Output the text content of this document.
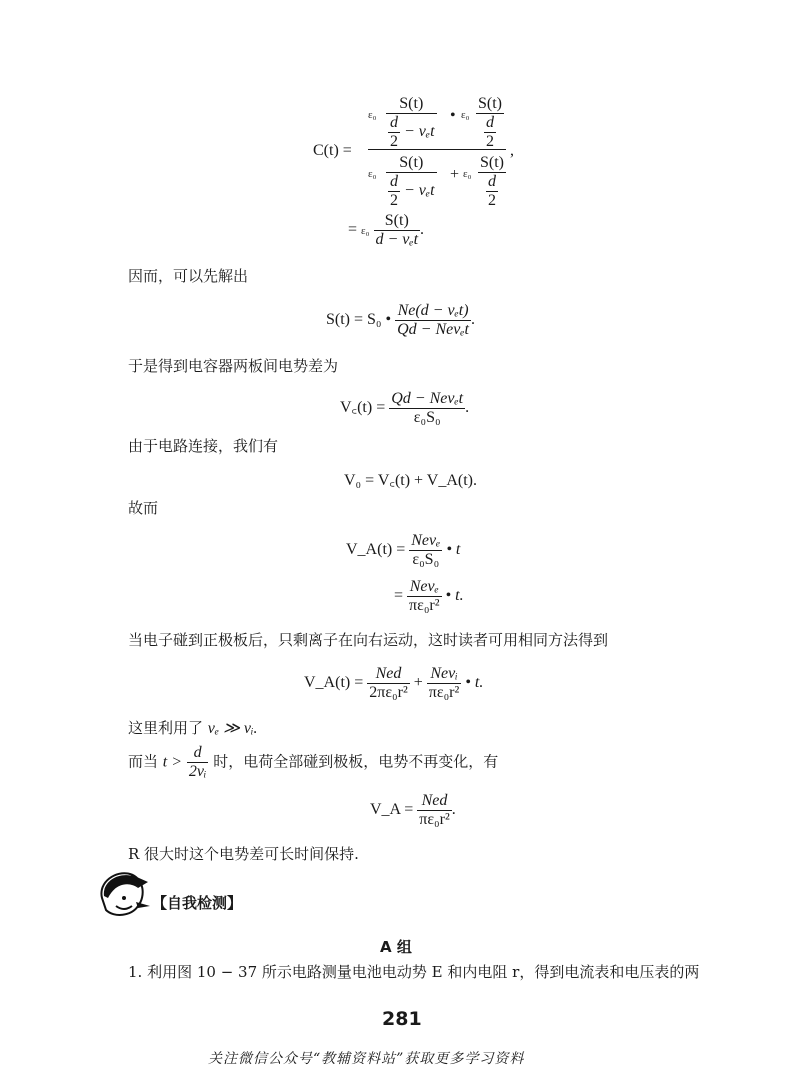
C(t) =
ε₀
S(t)
$\frac{d}{2} - v_et$
• $\varepsilon_0 \frac{S(t)}{\frac{d}{2}}$
ε₀
S(t)
$\frac{d}{2} - v_et$
+ $\varepsilon_0 \frac{S(t)}{\frac{d}{2}}$
,
= $\varepsilon_0 \frac{S(t)}{\text{d − vₑt}}$ .
因而，可以先解出
S(t) = S₀ • $\frac{\text{Ne(d − vₑt)}}{\text{Qd − Nevₑt}}$ .
于是得到电容器两板间电势差为
V꜀(t) = $\frac{\text{Qd − Nevₑt}}{\text{ε₀S₀}}$ .
由于电路连接，我们有
V₀ = V꜀(t) + V_A(t).
故而
V_A(t) = $\frac{\text{Nevₑ}}{\text{ε₀S₀}}$ • t
= $\frac{\text{Nevₑ}}{\text{πε₀r²}}$ • t.
当电子碰到正极板后，只剩离子在向右运动，这时读者可用相同方法得到
V_A(t) = $\frac{\text{Ned}}{\text{2πε₀r²}} + \frac{\text{Nevᵢ}}{\text{πε₀r²}}$ • t.
这里利用了 vₑ ≫ vᵢ.
而当 $t > \frac{d}{\text{2vᵢ}}$ 时，电荷全部碰到极板，电势不再变化，有
V_A = $\frac{\text{Ned}}{\text{πε₀r²}}$ .
R 很大时这个电势差可长时间保持.
【自我检测】
A 组
1. 利用图 10 − 37 所示电路测量电池电动势 E 和内电阻 r，得到电流表和电压表的两
281
关注微信公众号“教辅资料站”获取更多学习资料
